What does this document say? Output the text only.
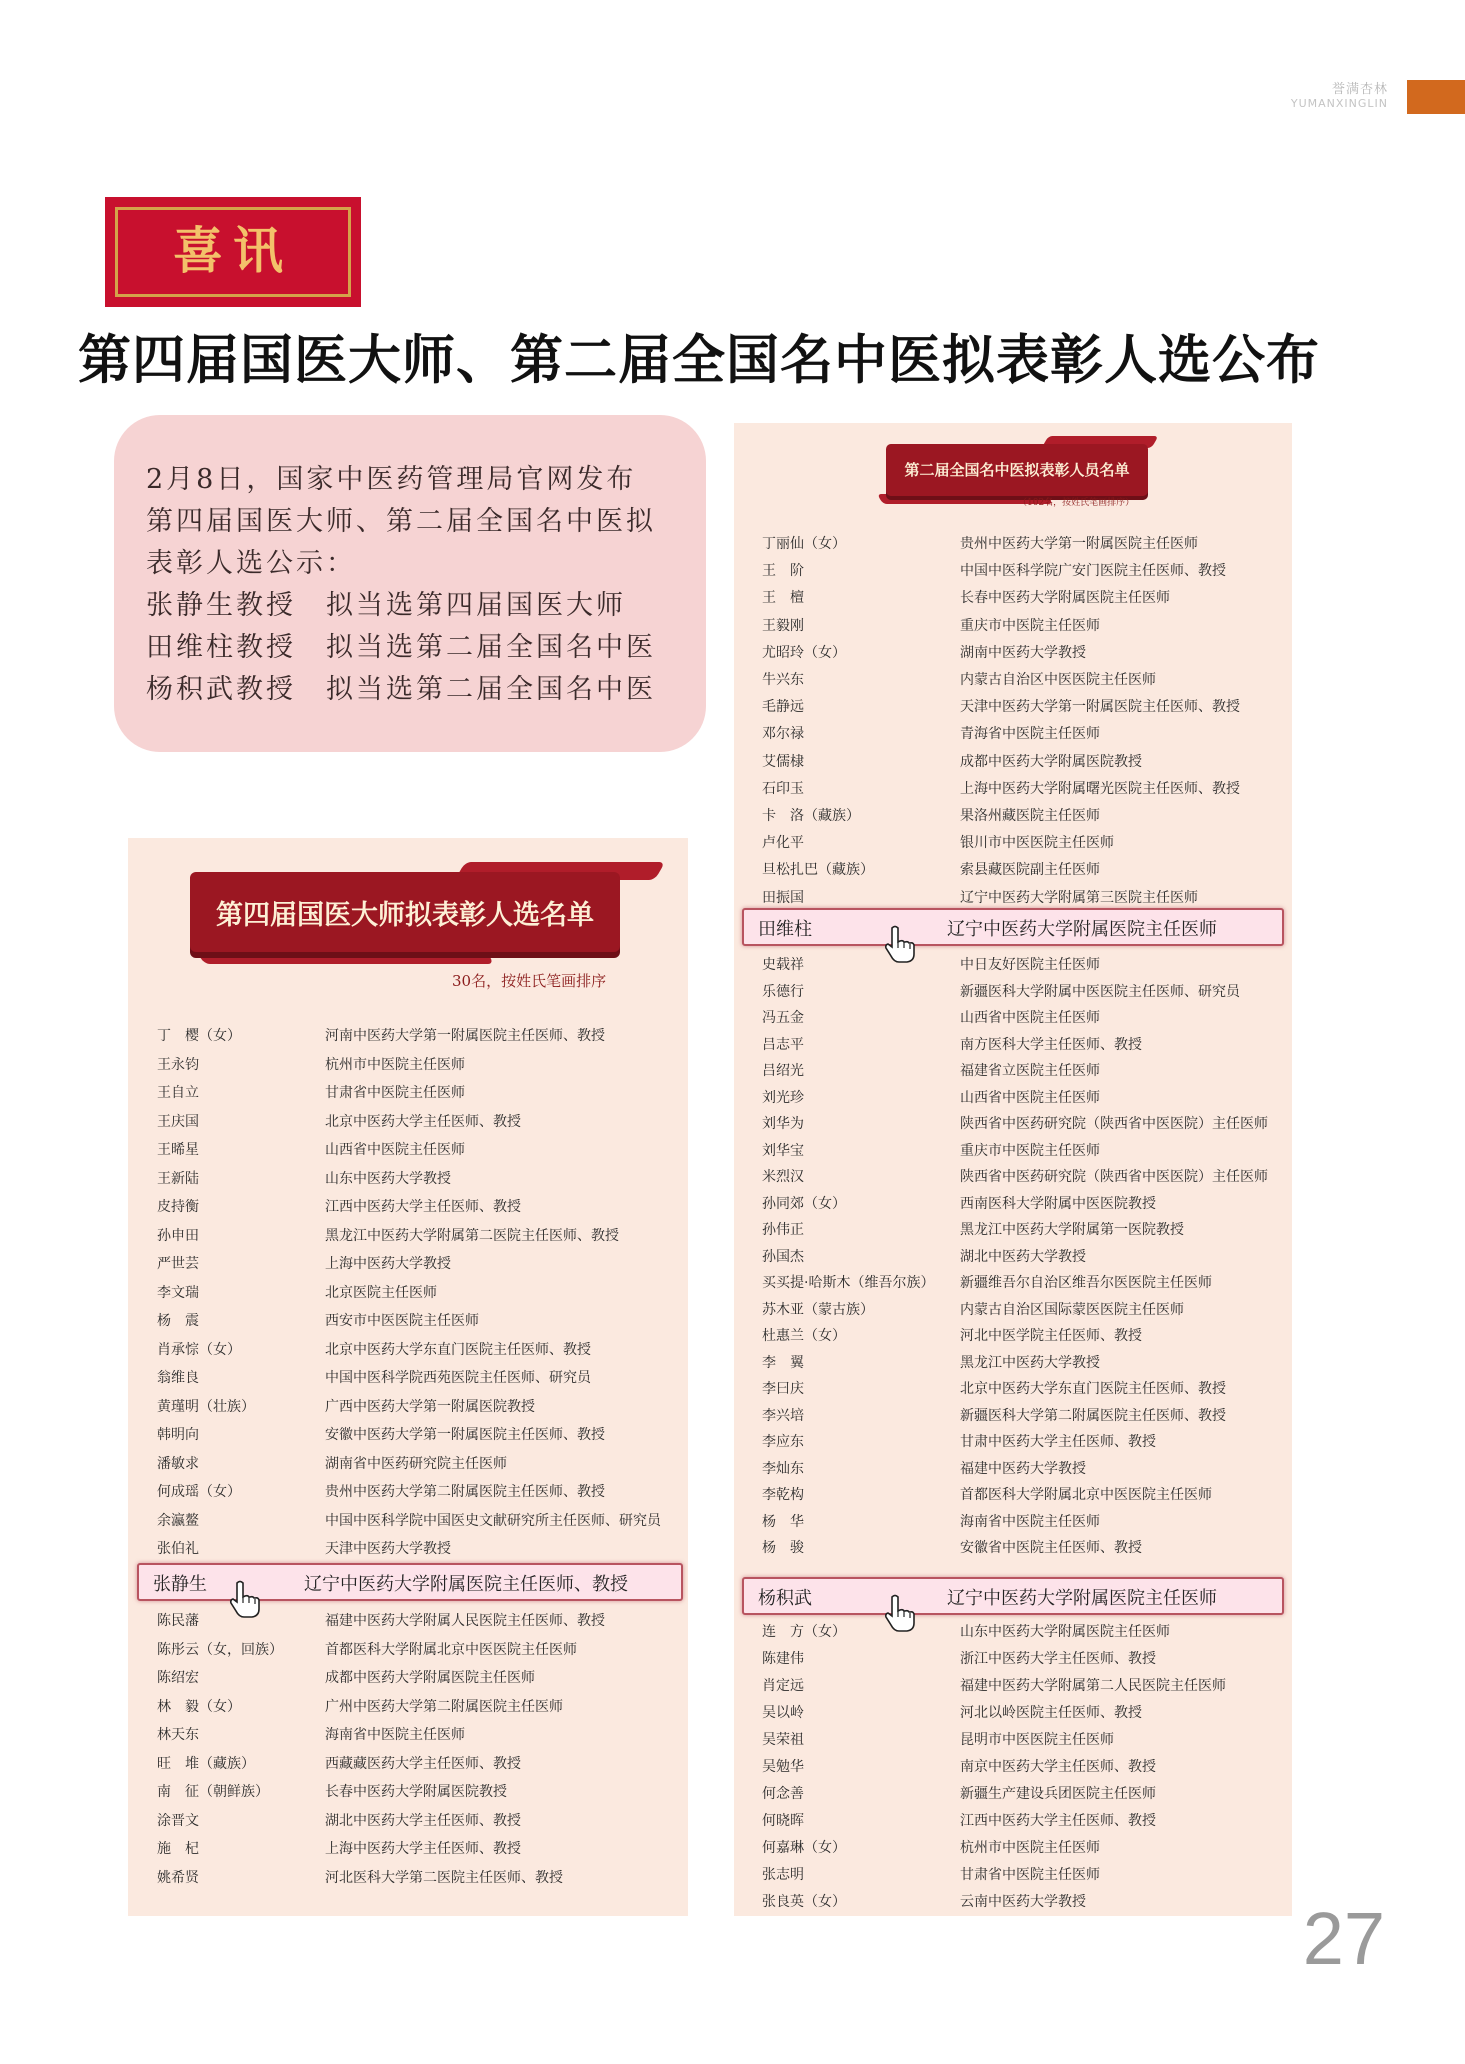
誉满杏林
YUMANXINGLIN
喜讯
第四届国医大师、第二届全国名中医拟表彰人选公布
2月8日，国家中医药管理局官网发布
第四届国医大师、第二届全国名中医拟
表彰人选公示：
张静生教授　拟当选第四届国医大师
田维柱教授　拟当选第二届全国名中医
杨积武教授　拟当选第二届全国名中医
第四届国医大师拟表彰人选名单
30名，按姓氏笔画排序
丁　樱（女）	河南中医药大学第一附属医院主任医师、教授
王永钧	杭州市中医院主任医师
王自立	甘肃省中医院主任医师
王庆国	北京中医药大学主任医师、教授
王晞星	山西省中医院主任医师
王新陆	山东中医药大学教授
皮持衡	江西中医药大学主任医师、教授
孙申田	黑龙江中医药大学附属第二医院主任医师、教授
严世芸	上海中医药大学教授
李文瑞	北京医院主任医师
杨　震	西安市中医医院主任医师
肖承悰（女）	北京中医药大学东直门医院主任医师、教授
翁维良	中国中医科学院西苑医院主任医师、研究员
黄瑾明（壮族）	广西中医药大学第一附属医院教授
韩明向	安徽中医药大学第一附属医院主任医师、教授
潘敏求	湖南省中医药研究院主任医师
何成瑶（女）	贵州中医药大学第二附属医院主任医师、教授
余瀛鳌	中国中医科学院中国医史文献研究所主任医师、研究员
张伯礼	天津中医药大学教授
张静生	辽宁中医药大学附属医院主任医师、教授
陈民藩	福建中医药大学附属人民医院主任医师、教授
陈彤云（女，回族）	首都医科大学附属北京中医医院主任医师
陈绍宏	成都中医药大学附属医院主任医师
林　毅（女）	广州中医药大学第二附属医院主任医师
林天东	海南省中医院主任医师
旺　堆（藏族）	西藏藏医药大学主任医师、教授
南　征（朝鲜族）	长春中医药大学附属医院教授
涂晋文	湖北中医药大学主任医师、教授
施　杞	上海中医药大学主任医师、教授
姚希贤	河北医科大学第二医院主任医师、教授
第二届全国名中医拟表彰人员名单
（102名，按姓氏笔画排序）
丁丽仙（女）	贵州中医药大学第一附属医院主任医师
王　阶	中国中医科学院广安门医院主任医师、教授
王　檀	长春中医药大学附属医院主任医师
王毅刚	重庆市中医院主任医师
尤昭玲（女）	湖南中医药大学教授
牛兴东	内蒙古自治区中医医院主任医师
毛静远	天津中医药大学第一附属医院主任医师、教授
邓尔禄	青海省中医院主任医师
艾儒棣	成都中医药大学附属医院教授
石印玉	上海中医药大学附属曙光医院主任医师、教授
卡　洛（藏族）	果洛州藏医院主任医师
卢化平	银川市中医医院主任医师
旦松扎巴（藏族）	索县藏医院副主任医师
田振国	辽宁中医药大学附属第三医院主任医师
田维柱	辽宁中医药大学附属医院主任医师
史载祥	中日友好医院主任医师
乐德行	新疆医科大学附属中医医院主任医师、研究员
冯五金	山西省中医院主任医师
吕志平	南方医科大学主任医师、教授
吕绍光	福建省立医院主任医师
刘光珍	山西省中医院主任医师
刘华为	陕西省中医药研究院（陕西省中医医院）主任医师
刘华宝	重庆市中医院主任医师
米烈汉	陕西省中医药研究院（陕西省中医医院）主任医师
孙同郊（女）	西南医科大学附属中医医院教授
孙伟正	黑龙江中医药大学附属第一医院教授
孙国杰	湖北中医药大学教授
买买提·哈斯木（维吾尔族） 新疆维吾尔自治区维吾尔医医院主任医师
苏木亚（蒙古族）	内蒙古自治区国际蒙医医院主任医师
杜惠兰（女）	河北中医学院主任医师、教授
李　翼	黑龙江中医药大学教授
李曰庆	北京中医药大学东直门医院主任医师、教授
李兴培	新疆医科大学第二附属医院主任医师、教授
李应东	甘肃中医药大学主任医师、教授
李灿东	福建中医药大学教授
李乾构	首都医科大学附属北京中医医院主任医师
杨　华	海南省中医院主任医师
杨　骏	安徽省中医院主任医师、教授
杨积武	辽宁中医药大学附属医院主任医师
连　方（女）	山东中医药大学附属医院主任医师
陈建伟	浙江中医药大学主任医师、教授
肖定远	福建中医药大学附属第二人民医院主任医师
吴以岭	河北以岭医院主任医师、教授
吴荣祖	昆明市中医医院主任医师
吴勉华	南京中医药大学主任医师、教授
何念善	新疆生产建设兵团医院主任医师
何晓晖	江西中医药大学主任医师、教授
何嘉琳（女）	杭州市中医院主任医师
张志明	甘肃省中医院主任医师
张良英（女）	云南中医药大学教授	27
